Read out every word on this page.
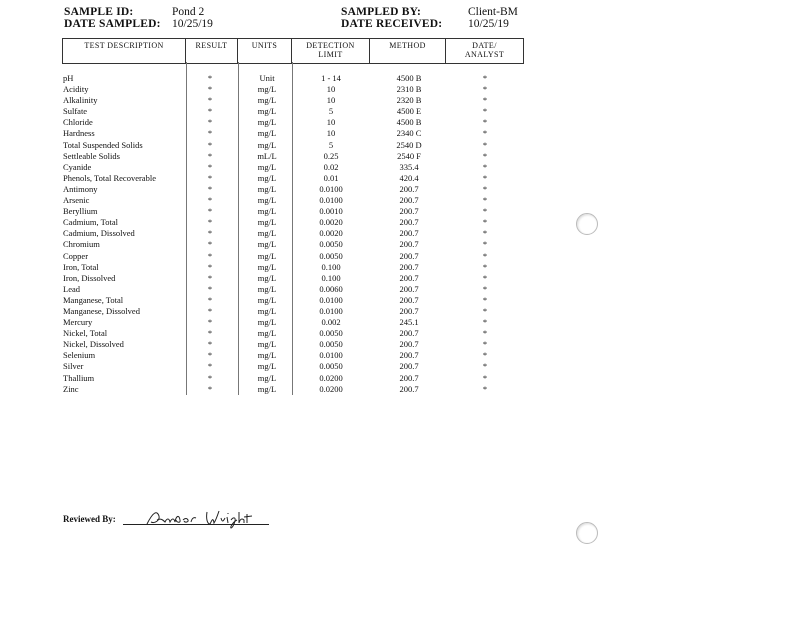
SAMPLE ID:	Pond 2
DATE SAMPLED: 10/25/19
SAMPLED BY:	Client-BM
DATE RECEIVED: 10/25/19
TEST DESCRIPTION	RESULT	UNITS	DETECTION
LIMIT
METHOD	DATE/
ANALYST
pH	*	Unit	1 - 14	4500 B	*
Acidity	*	mg/L	10	2310 B	*
Alkalinity	*	mg/L	10	2320 B	*
Sulfate	*	mg/L	5	4500 E	*
Chloride	*	mg/L	10	4500 B	*
Hardness	*	mg/L	10	2340 C	*
Total Suspended Solids	*	mg/L	5	2540 D	*
Settleable Solids	*	mL/L	0.25	2540 F	*
Cyanide	*	mg/L	0.02	335.4	*
Phenols, Total Recoverable	*	mg/L	0.01	420.4	*
Antimony	*	mg/L	0.0100	200.7	*
Arsenic	*	mg/L	0.0100	200.7	*
Beryllium	*	mg/L	0.0010	200.7	*
Cadmium, Total	*	mg/L	0.0020	200.7	*
Cadmium, Dissolved	*	mg/L	0.0020	200.7	*
Chromium	*	mg/L	0.0050	200.7	*
Copper	*	mg/L	0.0050	200.7	*
Iron, Total	*	mg/L	0.100	200.7	*
Iron, Dissolved	*	mg/L	0.100	200.7	*
Lead	*	mg/L	0.0060	200.7	*
Manganese, Total	*	mg/L	0.0100	200.7	*
Manganese, Dissolved	*	mg/L	0.0100	200.7	*
Mercury	*	mg/L	0.002	245.1	*
Nickel, Total	*	mg/L	0.0050	200.7	*
Nickel, Dissolved	*	mg/L	0.0050	200.7	*
Selenium	*	mg/L	0.0100	200.7	*
Silver	*	mg/L	0.0050	200.7	*
Thallium	*	mg/L	0.0200	200.7	*
Zinc	*	mg/L	0.0200	200.7	*
Reviewed By:
